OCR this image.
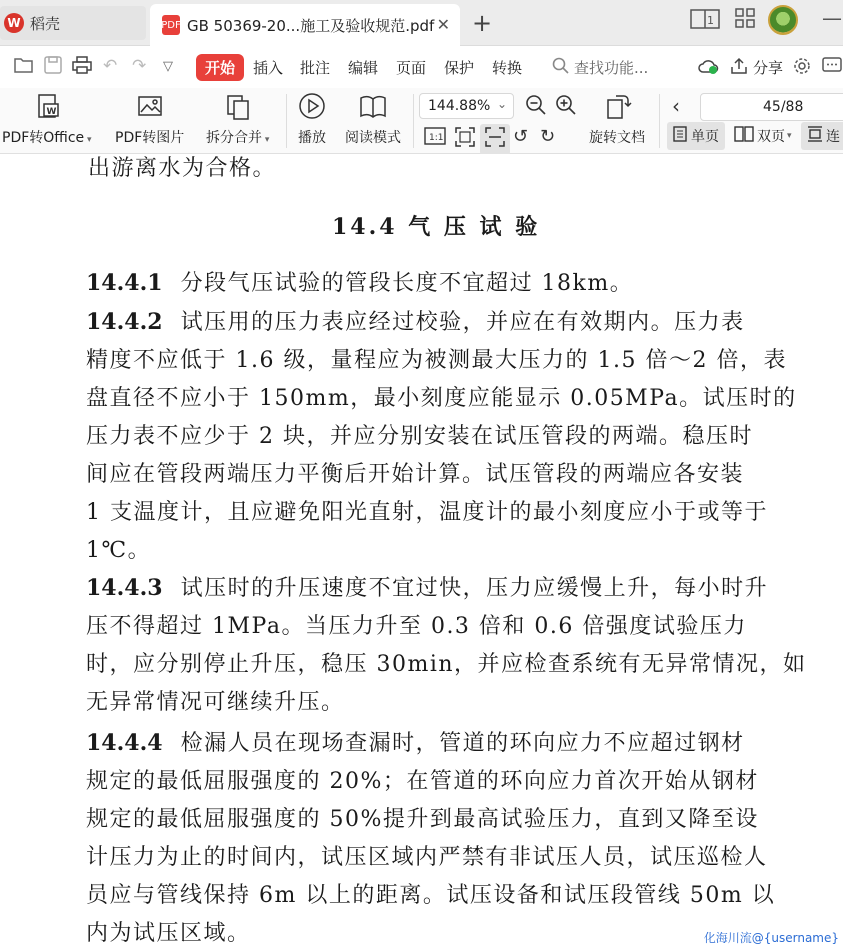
W 稻壳	PDF GB 50369-20...施工及验收规范.pdf ✕ +	1	—
↶ ↷ ▽	开始	插入 批注 编辑 页面 保护 转换	查找功能...	分享
W
PDF转Office ▾ PDF转图片 拆分合并 ▾ 播放 阅读模式
144.88% ⌄
1:1	↺ ↻ 旋转文档
‹	45/88
单页	双页 ▾ 连
出游离水为合格。
14.4 气 压 试 验
14.4.1 分段气压试验的管段长度不宜超过 18km。
14.4.2 试压用的压力表应经过校验，并应在有效期内。压力表
精度不应低于 1.6 级，量程应为被测最大压力的 1.5 倍～2 倍，表
盘直径不应小于 150mm，最小刻度应能显示 0.05MPa。试压时的
压力表不应少于 2 块，并应分别安装在试压管段的两端。稳压时
间应在管段两端压力平衡后开始计算。试压管段的两端应各安装
1 支温度计，且应避免阳光直射，温度计的最小刻度应小于或等于
1℃。
14.4.3 试压时的升压速度不宜过快，压力应缓慢上升，每小时升
压不得超过 1MPa。当压力升至 0.3 倍和 0.6 倍强度试验压力
时，应分别停止升压，稳压 30min，并应检查系统有无异常情况，如
无异常情况可继续升压。
14.4.4 检漏人员在现场查漏时，管道的环向应力不应超过钢材
规定的最低屈服强度的 20%；在管道的环向应力首次开始从钢材
规定的最低屈服强度的 50%提升到最高试验压力，直到又降至设
计压力为止的时间内，试压区域内严禁有非试压人员，试压巡检人
员应与管线保持 6m 以上的距离。试压设备和试压段管线 50m 以
内为试压区域。	化海川流@{username}
